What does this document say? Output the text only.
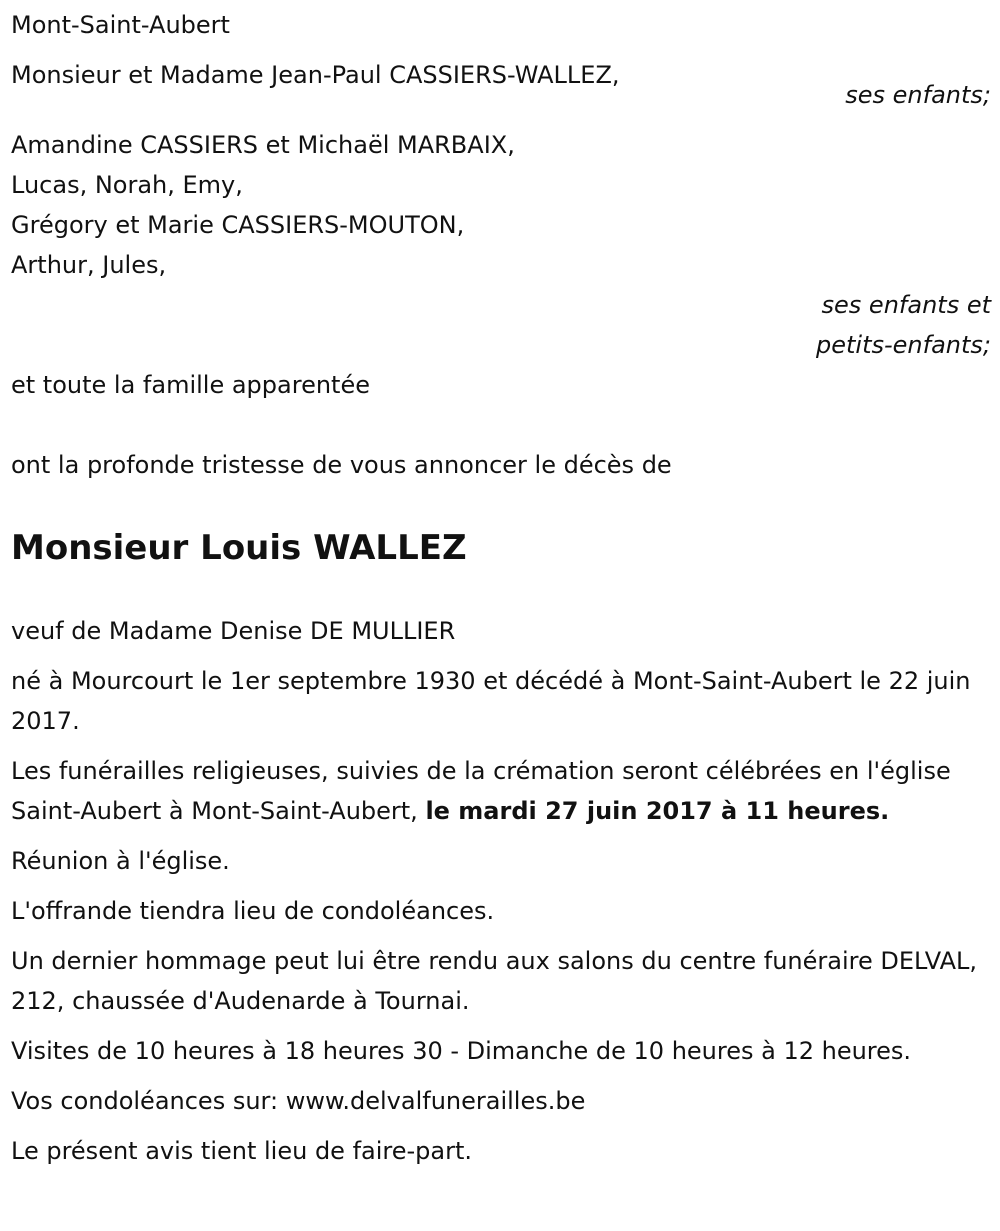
Mont-Saint-Aubert
Monsieur et Madame Jean-Paul CASSIERS-WALLEZ,
ses enfants;
Amandine CASSIERS et Michaël MARBAIX,
Lucas, Norah, Emy,
Grégory et Marie CASSIERS-MOUTON,
Arthur, Jules,
ses enfants et
petits-enfants;
et toute la famille apparentée
ont la profonde tristesse de vous annoncer le décès de
Monsieur Louis WALLEZ
veuf de Madame Denise DE MULLIER
né à Mourcourt le 1er septembre 1930 et décédé à Mont-Saint-Aubert le 22 juin 2017.
Les funérailles religieuses, suivies de la crémation seront célébrées en l'église Saint-Aubert à Mont-Saint-Aubert, le mardi 27 juin 2017 à 11 heures.
Réunion à l'église.
L'offrande tiendra lieu de condoléances.
Un dernier hommage peut lui être rendu aux salons du centre funéraire DELVAL, 212, chaussée d'Audenarde à Tournai.
Visites de 10 heures à 18 heures 30 - Dimanche de 10 heures à 12 heures.
Vos condoléances sur: www.delvalfunerailles.be
Le présent avis tient lieu de faire-part.
